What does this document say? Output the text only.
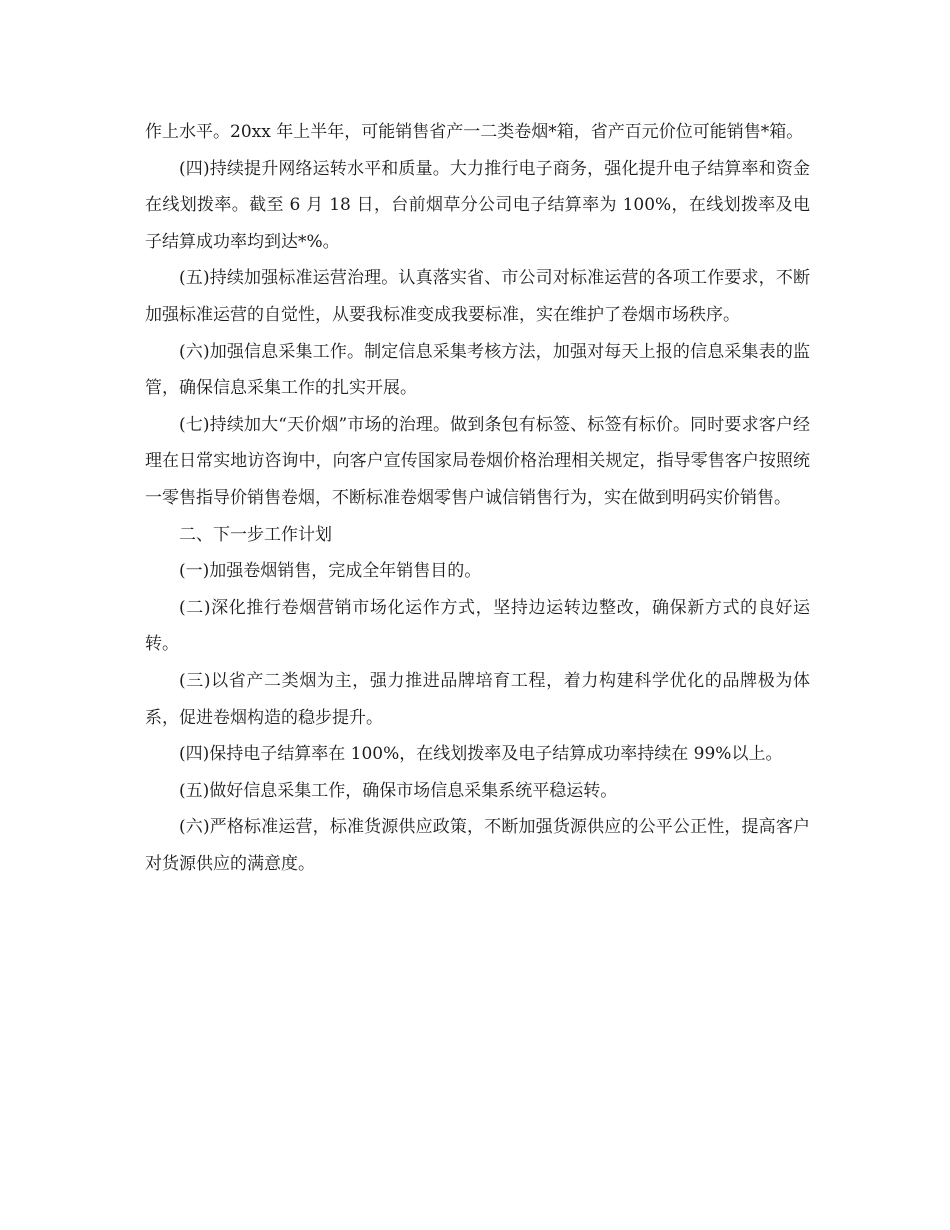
作上水平。20xx 年上半年，可能销售省产一二类卷烟*箱，省产百元价位可能销售*箱。

(四)持续提升网络运转水平和质量。大力推行电子商务，强化提升电子结算率和资金在线划拨率。截至 6 月 18 日，台前烟草分公司电子结算率为 100%，在线划拨率及电子结算成功率均到达*%。

(五)持续加强标准运营治理。认真落实省、市公司对标准运营的各项工作要求，不断加强标准运营的自觉性，从要我标准变成我要标准，实在维护了卷烟市场秩序。

(六)加强信息采集工作。制定信息采集考核方法，加强对每天上报的信息采集表的监管，确保信息采集工作的扎实开展。

(七)持续加大“天价烟”市场的治理。做到条包有标签、标签有标价。同时要求客户经理在日常实地访咨询中，向客户宣传国家局卷烟价格治理相关规定，指导零售客户按照统一零售指导价销售卷烟，不断标准卷烟零售户诚信销售行为，实在做到明码实价销售。

二、下一步工作计划

(一)加强卷烟销售，完成全年销售目的。

(二)深化推行卷烟营销市场化运作方式，坚持边运转边整改，确保新方式的良好运转。

(三)以省产二类烟为主，强力推进品牌培育工程，着力构建科学优化的品牌极为体系，促进卷烟构造的稳步提升。

(四)保持电子结算率在 100%，在线划拨率及电子结算成功率持续在 99%以上。

(五)做好信息采集工作，确保市场信息采集系统平稳运转。

(六)严格标准运营，标准货源供应政策，不断加强货源供应的公平公正性，提高客户对货源供应的满意度。
